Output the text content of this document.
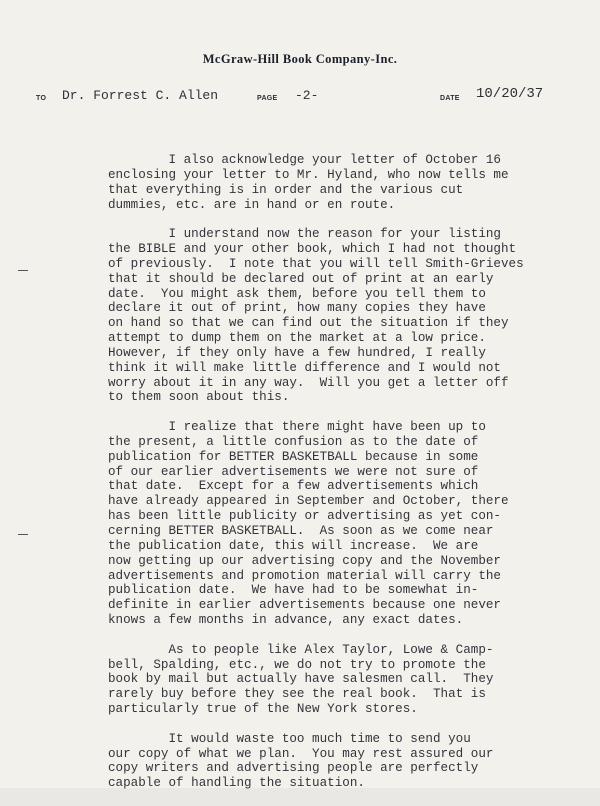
McGraw-Hill Book Company-Inc.
TO Dr. Forrest C. Allen	PAGE -2-	DATE 10/20/37
I also acknowledge your letter of October 16
enclosing your letter to Mr. Hyland, who now tells me
that everything is in order and the various cut
dummies, etc. are in hand or en route.
I understand now the reason for your listing
the BIBLE and your other book, which I had not thought
of previously.  I note that you will tell Smith-Grieves
that it should be declared out of print at an early
date.  You might ask them, before you tell them to
declare it out of print, how many copies they have
on hand so that we can find out the situation if they
attempt to dump them on the market at a low price.
However, if they only have a few hundred, I really
think it will make little difference and I would not
worry about it in any way.  Will you get a letter off
to them soon about this.
I realize that there might have been up to
the present, a little confusion as to the date of
publication for BETTER BASKETBALL because in some
of our earlier advertisements we were not sure of
that date.  Except for a few advertisements which
have already appeared in September and October, there
has been little publicity or advertising as yet con-
cerning BETTER BASKETBALL.  As soon as we come near
the publication date, this will increase.  We are
now getting up our advertising copy and the November
advertisements and promotion material will carry the
publication date.  We have had to be somewhat in-
definite in earlier advertisements because one never
knows a few months in advance, any exact dates.
As to people like Alex Taylor, Lowe & Camp-
bell, Spalding, etc., we do not try to promote the
book by mail but actually have salesmen call.  They
rarely buy before they see the real book.  That is
particularly true of the New York stores.
It would waste too much time to send you
our copy of what we plan.  You may rest assured our
copy writers and advertising people are perfectly
capable of handling the situation.
